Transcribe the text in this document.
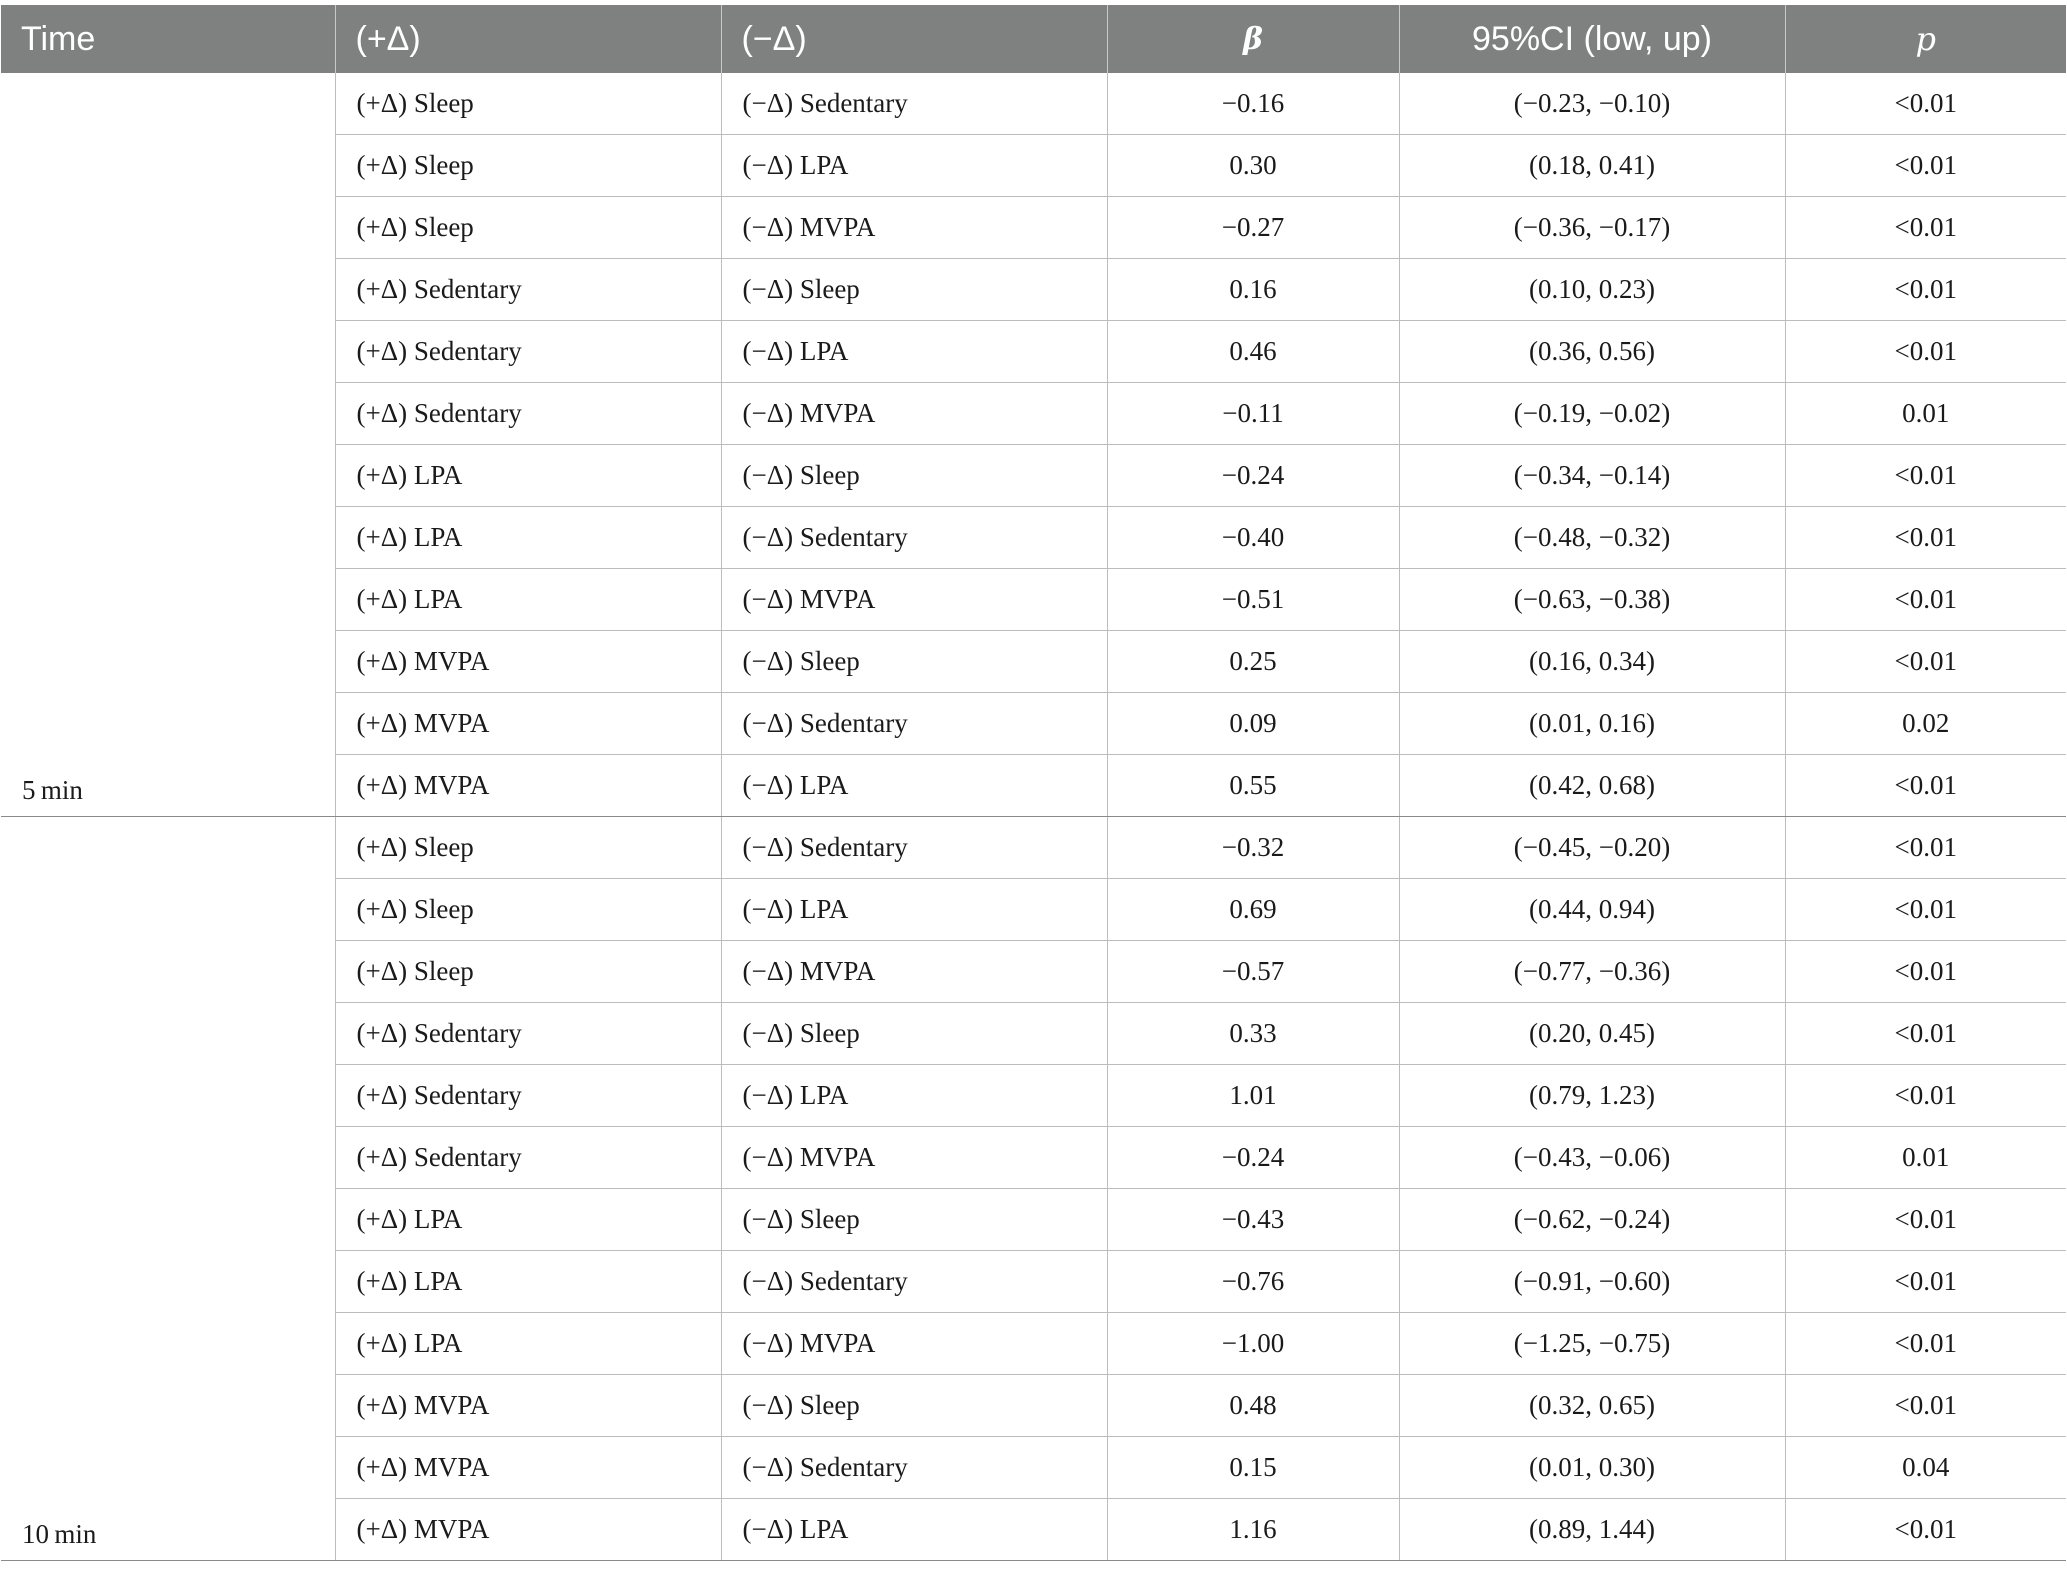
Time	(+Δ)	(−Δ)	β	95%CI (low, up)	p
5 min	(+Δ) Sleep	(−Δ) Sedentary	−0.16	(−0.23, −0.10)	<0.01
	(+Δ) Sleep	(−Δ) LPA	0.30	(0.18, 0.41)	<0.01
	(+Δ) Sleep	(−Δ) MVPA	−0.27	(−0.36, −0.17)	<0.01
	(+Δ) Sedentary	(−Δ) Sleep	0.16	(0.10, 0.23)	<0.01
	(+Δ) Sedentary	(−Δ) LPA	0.46	(0.36, 0.56)	<0.01
	(+Δ) Sedentary	(−Δ) MVPA	−0.11	(−0.19, −0.02)	0.01
	(+Δ) LPA	(−Δ) Sleep	−0.24	(−0.34, −0.14)	<0.01
	(+Δ) LPA	(−Δ) Sedentary	−0.40	(−0.48, −0.32)	<0.01
	(+Δ) LPA	(−Δ) MVPA	−0.51	(−0.63, −0.38)	<0.01
	(+Δ) MVPA	(−Δ) Sleep	0.25	(0.16, 0.34)	<0.01
	(+Δ) MVPA	(−Δ) Sedentary	0.09	(0.01, 0.16)	0.02
	(+Δ) MVPA	(−Δ) LPA	0.55	(0.42, 0.68)	<0.01
10 min	(+Δ) Sleep	(−Δ) Sedentary	−0.32	(−0.45, −0.20)	<0.01
	(+Δ) Sleep	(−Δ) LPA	0.69	(0.44, 0.94)	<0.01
	(+Δ) Sleep	(−Δ) MVPA	−0.57	(−0.77, −0.36)	<0.01
	(+Δ) Sedentary	(−Δ) Sleep	0.33	(0.20, 0.45)	<0.01
	(+Δ) Sedentary	(−Δ) LPA	1.01	(0.79, 1.23)	<0.01
	(+Δ) Sedentary	(−Δ) MVPA	−0.24	(−0.43, −0.06)	0.01
	(+Δ) LPA	(−Δ) Sleep	−0.43	(−0.62, −0.24)	<0.01
	(+Δ) LPA	(−Δ) Sedentary	−0.76	(−0.91, −0.60)	<0.01
	(+Δ) LPA	(−Δ) MVPA	−1.00	(−1.25, −0.75)	<0.01
	(+Δ) MVPA	(−Δ) Sleep	0.48	(0.32, 0.65)	<0.01
	(+Δ) MVPA	(−Δ) Sedentary	0.15	(0.01, 0.30)	0.04
	(+Δ) MVPA	(−Δ) LPA	1.16	(0.89, 1.44)	<0.01
